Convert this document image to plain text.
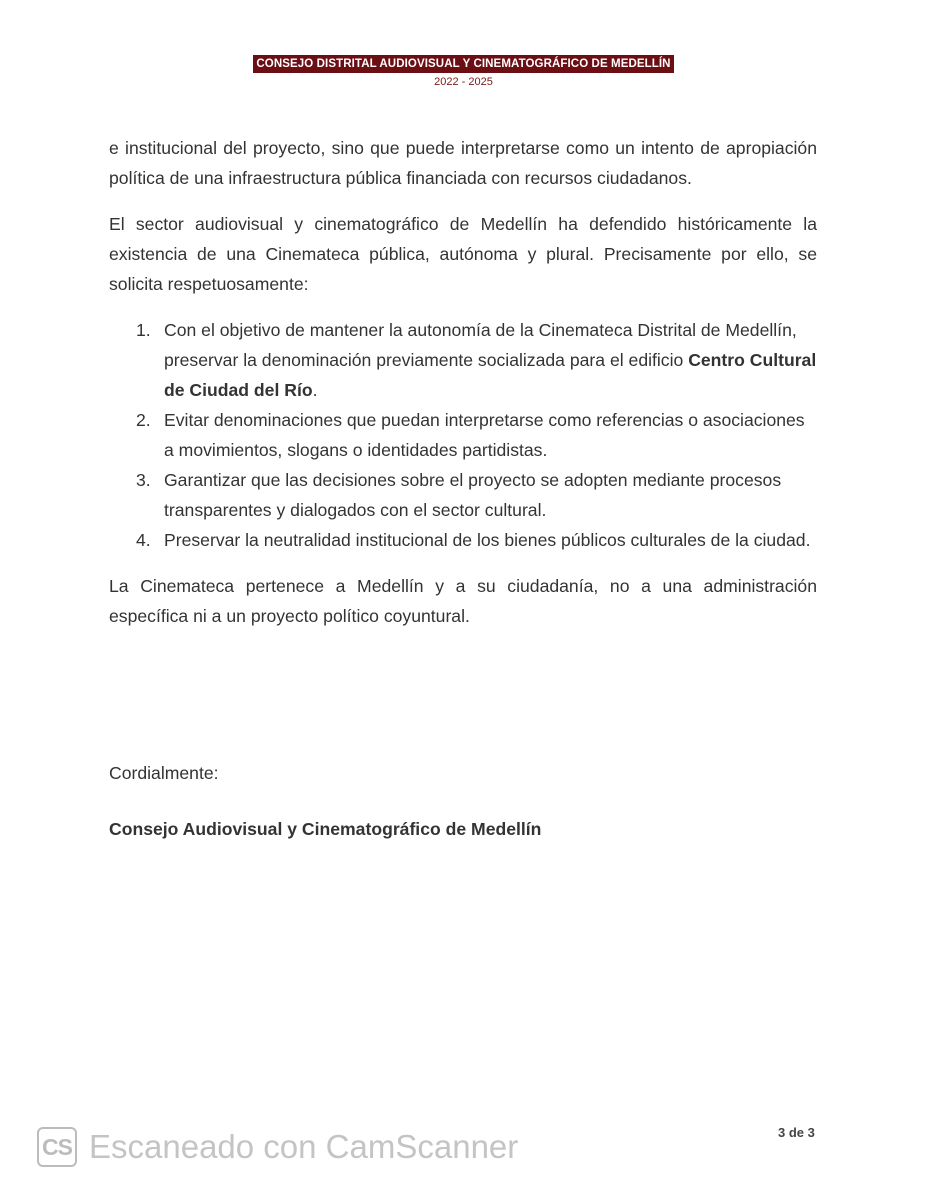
CONSEJO DISTRITAL AUDIOVISUAL Y CINEMATOGRÁFICO DE MEDELLÍN
2022 - 2025

e institucional del proyecto, sino que puede interpretarse como un intento de apropiación política de una infraestructura pública financiada con recursos ciudadanos.

El sector audiovisual y cinematográfico de Medellín ha defendido históricamente la existencia de una Cinemateca pública, autónoma y plural. Precisamente por ello, se solicita respetuosamente:

1. Con el objetivo de mantener la autonomía de la Cinemateca Distrital de Medellín, preservar la denominación previamente socializada para el edificio Centro Cultural de Ciudad del Río.
2. Evitar denominaciones que puedan interpretarse como referencias o asociaciones a movimientos, slogans o identidades partidistas.
3. Garantizar que las decisiones sobre el proyecto se adopten mediante procesos transparentes y dialogados con el sector cultural.
4. Preservar la neutralidad institucional de los bienes públicos culturales de la ciudad.

La Cinemateca pertenece a Medellín y a su ciudadanía, no a una administración específica ni a un proyecto político coyuntural.

Cordialmente:
Consejo Audiovisual y Cinematográfico de Medellín
CS Escaneado con CamScanner	3 de 3
